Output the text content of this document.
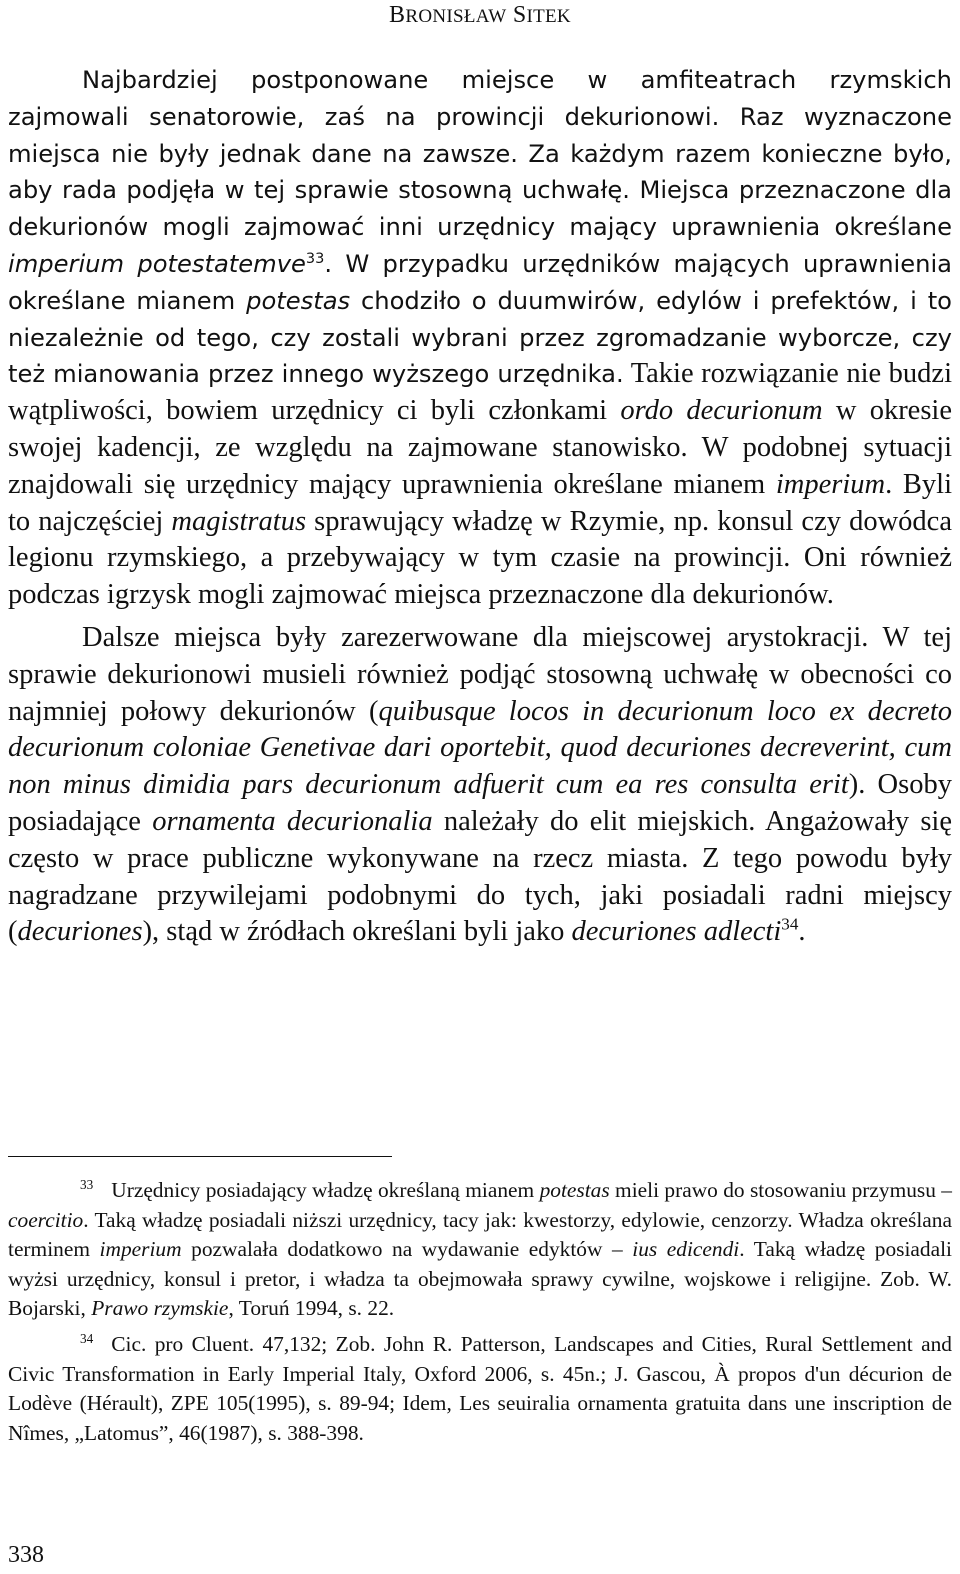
BRONISŁAW SITEK

Najbardziej postponowane miejsce w amfiteatrach rzymskich zajmowali senatorowie, zaś na prowincji dekurionowi. Raz wyznaczone miejsca nie były jednak dane na zawsze. Za każdym razem konieczne było, aby rada podjęła w tej sprawie stosowną uchwałę. Miejsca przeznaczone dla dekurionów mogli zajmować inni urzędnicy mający uprawnienia określane imperium potestatemve$^{33}$. W przypadku urzędników mających uprawnienia określane mianem potestas chodziło o duumwirów, edylów i prefektów, i to niezależnie od tego, czy zostali wybrani przez zgromadzanie wyborcze, czy też mianowania przez innego wyższego urzędnika. Takie rozwiązanie nie budzi wątpliwości, bowiem urzędnicy ci byli członkami ordo decurionum w okresie swojej kadencji, ze względu na zajmowane stanowisko. W podobnej sytuacji znajdowali się urzędnicy mający uprawnienia określane mianem imperium. Byli to najczęściej magistratus sprawujący władzę w Rzymie, np. konsul czy dowódca legionu rzymskiego, a przebywający w tym czasie na prowincji. Oni również podczas igrzysk mogli zajmować miejsca przeznaczone dla dekurionów.

Dalsze miejsca były zarezerwowane dla miejscowej arystokracji. W tej sprawie dekurionowi musieli również podjąć stosowną uchwałę w obecności co najmniej połowy dekurionów (quibusque locos in decurionum loco ex decreto decurionum coloniae Genetivae dari oportebit, quod decuriones decreverint, cum non minus dimidia pars decurionum adfuerit cum ea res consulta erit). Osoby posiadające ornamenta decurionalia należały do elit miejskich. Angażowały się często w prace publiczne wykonywane na rzecz miasta. Z tego powodu były nagradzane przywilejami podobnymi do tych, jaki posiadali radni miejscy (decuriones), stąd w źródłach określani byli jako decuriones adlecti$^{34}$.

$^{33}$ Urzędnicy posiadający władzę określaną mianem potestas mieli prawo do stosowaniu przymusu – coercitio. Taką władzę posiadali niższi urzędnicy, tacy jak: kwestorzy, edylowie, cenzorzy. Władza określana terminem imperium pozwalała dodatkowo na wydawanie edyktów – ius edicendi. Taką władzę posiadali wyżsi urzędnicy, konsul i pretor, i władza ta obejmowała sprawy cywilne, wojskowe i religijne. Zob. W. Bojarski, Prawo rzymskie, Toruń 1994, s. 22.

$^{34}$ Cic. pro Cluent. 47,132; Zob. John R. Patterson, Landscapes and Cities, Rural Settlement and Civic Transformation in Early Imperial Italy, Oxford 2006, s. 45n.; J. Gascou, À propos d'un décurion de Lodève (Hérault), ZPE 105(1995), s. 89-94; Idem, Les seuiralia ornamenta gratuita dans une inscription de Nîmes, „Latomus”, 46(1987), s. 388-398.

338
